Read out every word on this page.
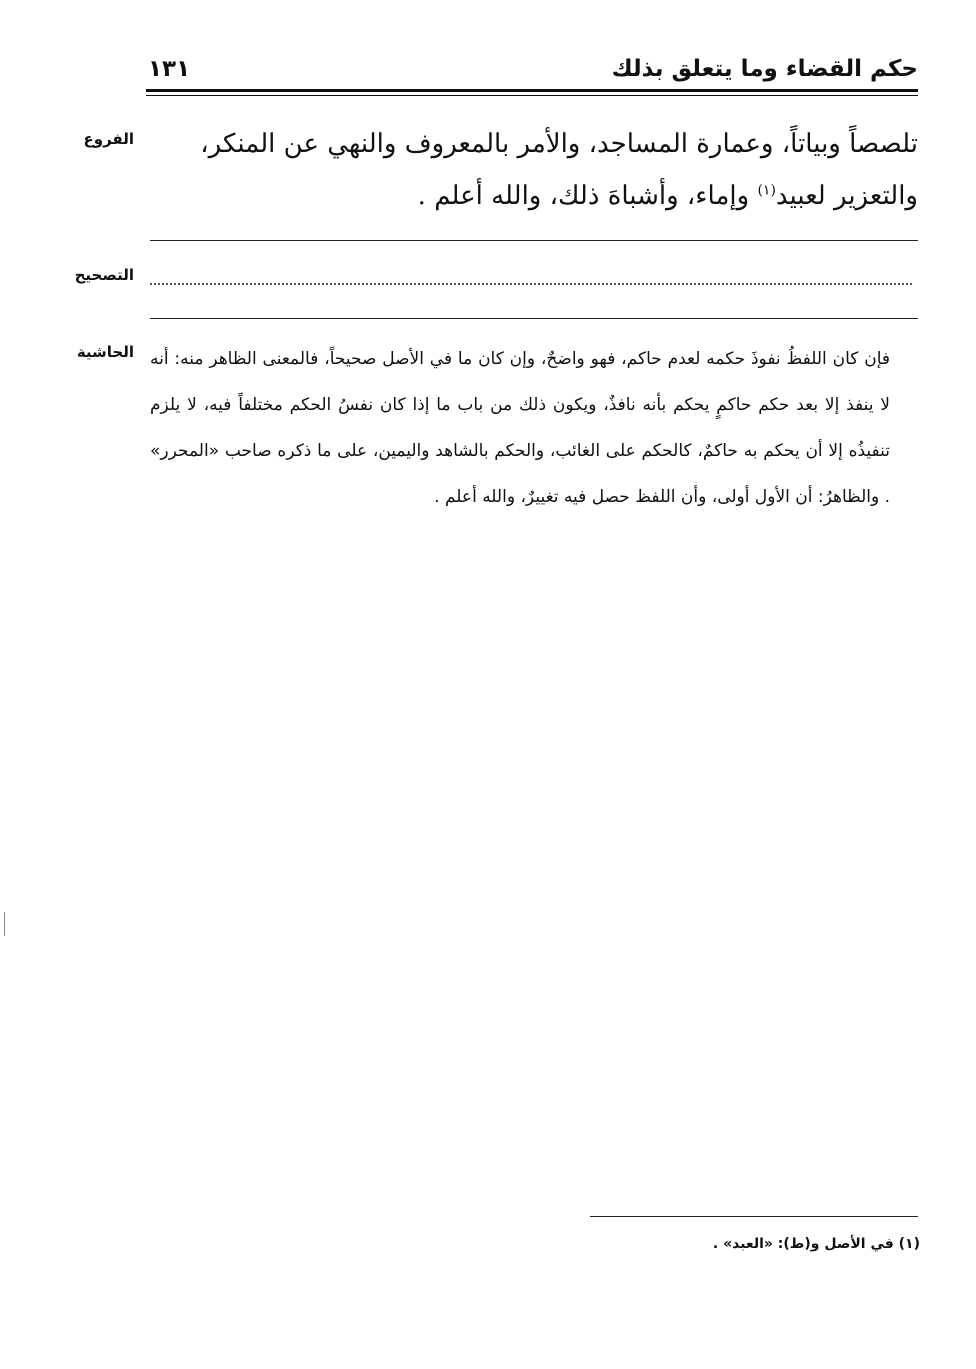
حكم القضاء وما يتعلق بذلك
١٣١
الفروع	تلصصاً وبياتاً، وعمارة المساجد، والأمر بالمعروف والنهي عن المنكر،
والتعزير لعبيد$^{(١)}$ وإماء، وأشباهَ ذلك، والله أعلم .
التصحيح
الحاشية فإن كان اللفظُ نفوذَ حكمه لعدم حاكم، فهو واضحٌ، وإن كان ما في الأصل صحيحاً، فالمعنى الظاهر منه: أنه لا ينفذ إلا بعد حكم حاكمٍ يحكم بأنه نافذٌ، ويكون ذلك من باب ما إذا كان نفسُ الحكم مختلفاً فيه، لا يلزم تنفيذُه إلا أن يحكم به حاكمٌ، كالحكم على الغائب، والحكم بالشاهد واليمين، على ما ذكره صاحب «المحرر» . والظاهرُ: أن الأول أولى، وأن اللفظ حصل فيه تغييرٌ، والله أعلم .
(١) في الأصل و(ط): «العبد» .
